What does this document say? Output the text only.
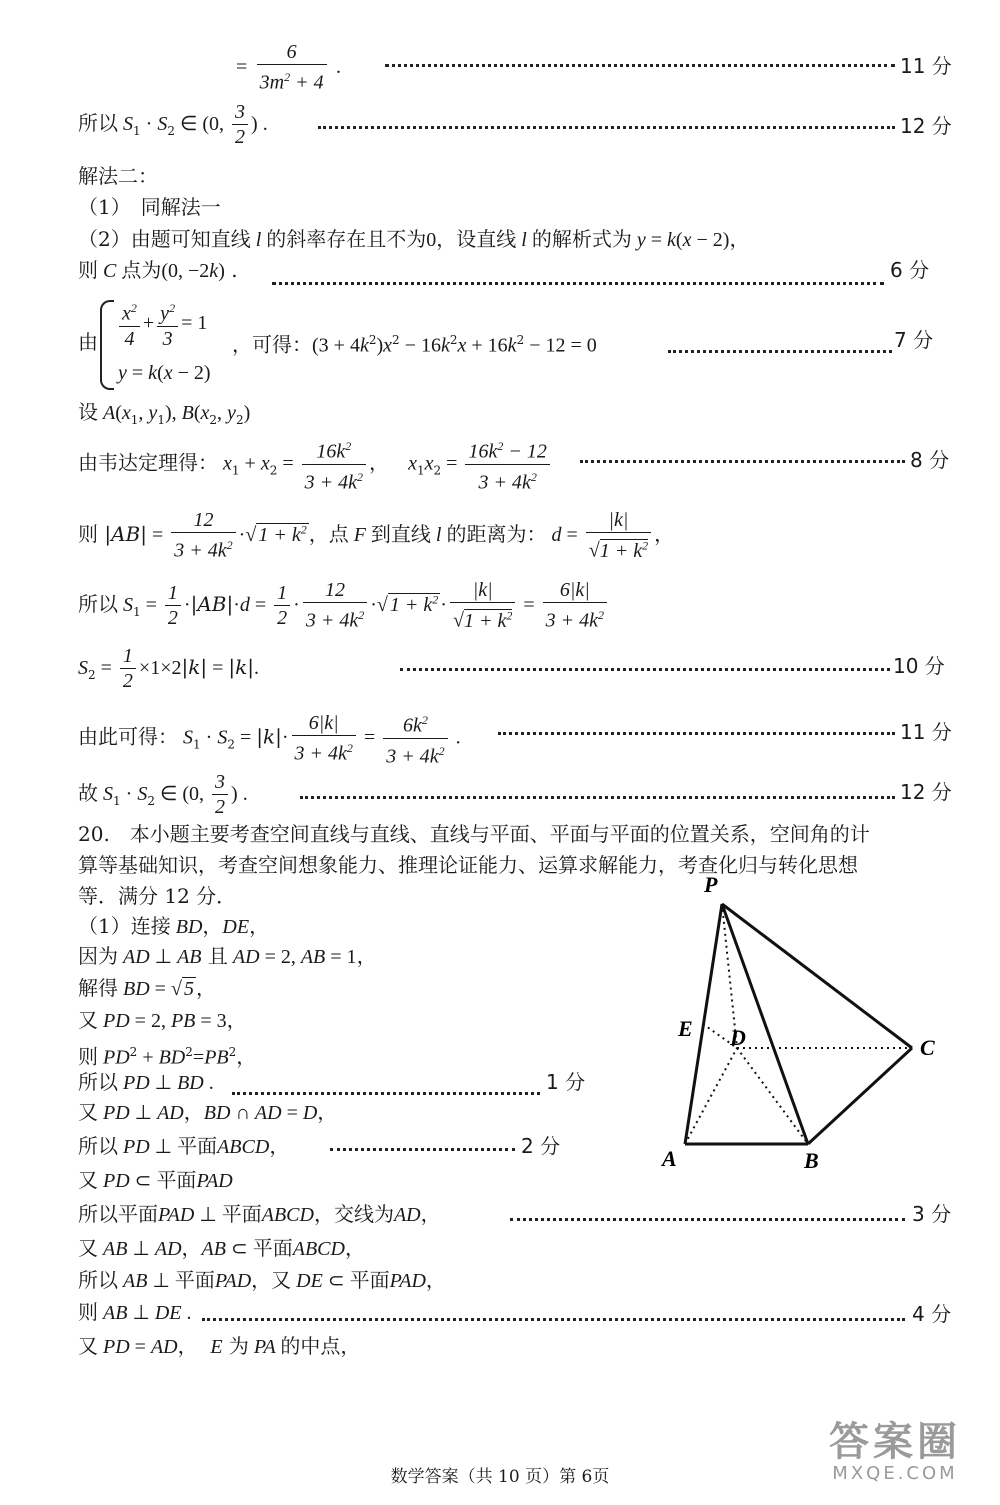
= $\frac{6}{3m^2 + 4}$ .	11 分
所以 $S_1 \cdot S_2$ ∈ (0, $\frac{3}{2}$ ) .	12 分
解法二：
（1）　同解法一
（2）由题可知直线 l 的斜率存在且不为0，设直线 l 的解析式为 y = k(x − 2)，
则 C 点为(0, −2k) .	6 分
由 $\frac{x^2}{4} + \frac{y^2}{3} = 1$
y = k(x − 2)
，可得：$(3 + 4k^2)x^2 - 16k^2x + 16k^2 - 12 = 0$	7 分
设 $A(x_1$, $y_1$), $B(x_2$, $y_2$)
由韦达定理得： $x_1 + x_2 = \frac{16k^2}{3 + 4k^2}$ ，   $x_1x_2 = \frac{16k^2 - 12}{3 + 4k^2}$	8 分
则 $|AB| = \frac{12}{3 + 4k^2}$ ·√ $1 + k^2$ ，点 F 到直线 l 的距离为： $d = \frac{|k|}{√1 + k^2}$ ，
所以 $S_1 = \frac{1}{2} \cdot|AB|\cdot d = \frac{1}{2} \cdot \frac{12}{3 + 4k^2}$ ·√ $1 + k^2 \cdot \frac{|k|}{√1 + k^2} = \frac{6|k|}{3 + 4k^2}$
$S_2 = \frac{1}{2} \times 1\times 2|k| = |k|$.	10 分
由此可得： $S_1 \cdot S_2 = |k|\cdot \frac{6|k|}{3 + 4k^2} = \frac{6k^2}{3 + 4k^2}$ .	11 分
故 $S_1 \cdot S_2$ ∈ (0, $\frac{3}{2}$ ) .	12 分
20.　本小题主要考查空间直线与直线、直线与平面、平面与平面的位置关系，空间角的计
算等基础知识，考查空间想象能力、推理论证能力、运算求解能力，考查化归与转化思想
等．满分 12 分．
（1）连接 BD，DE，
因为 AD ⊥ AB 且 AD = 2, AB = 1，
解得 BD = √ 5 ，
又 PD = 2, PB = 3，
则 $PD^2 + BD^2=PB^2$，
所以 PD ⊥ BD .	1 分
又 PD ⊥ AD，BD ∩ AD = D，
所以 PD ⊥ 平面ABCD，	2 分
又 PD ⊂ 平面PAD
所以平面PAD ⊥ 平面ABCD，交线为AD，	3 分
又 AB ⊥ AD，AB ⊂ 平面ABCD，
所以 AB ⊥ 平面PAD，又 DE ⊂ 平面PAD，
则 AB ⊥ DE .	4 分
又 PD = AD，  E 为 PA 的中点，
P
E D	C
A	B
数学答案（共 10 页）第 6页
答案圈
MXQE.COM
